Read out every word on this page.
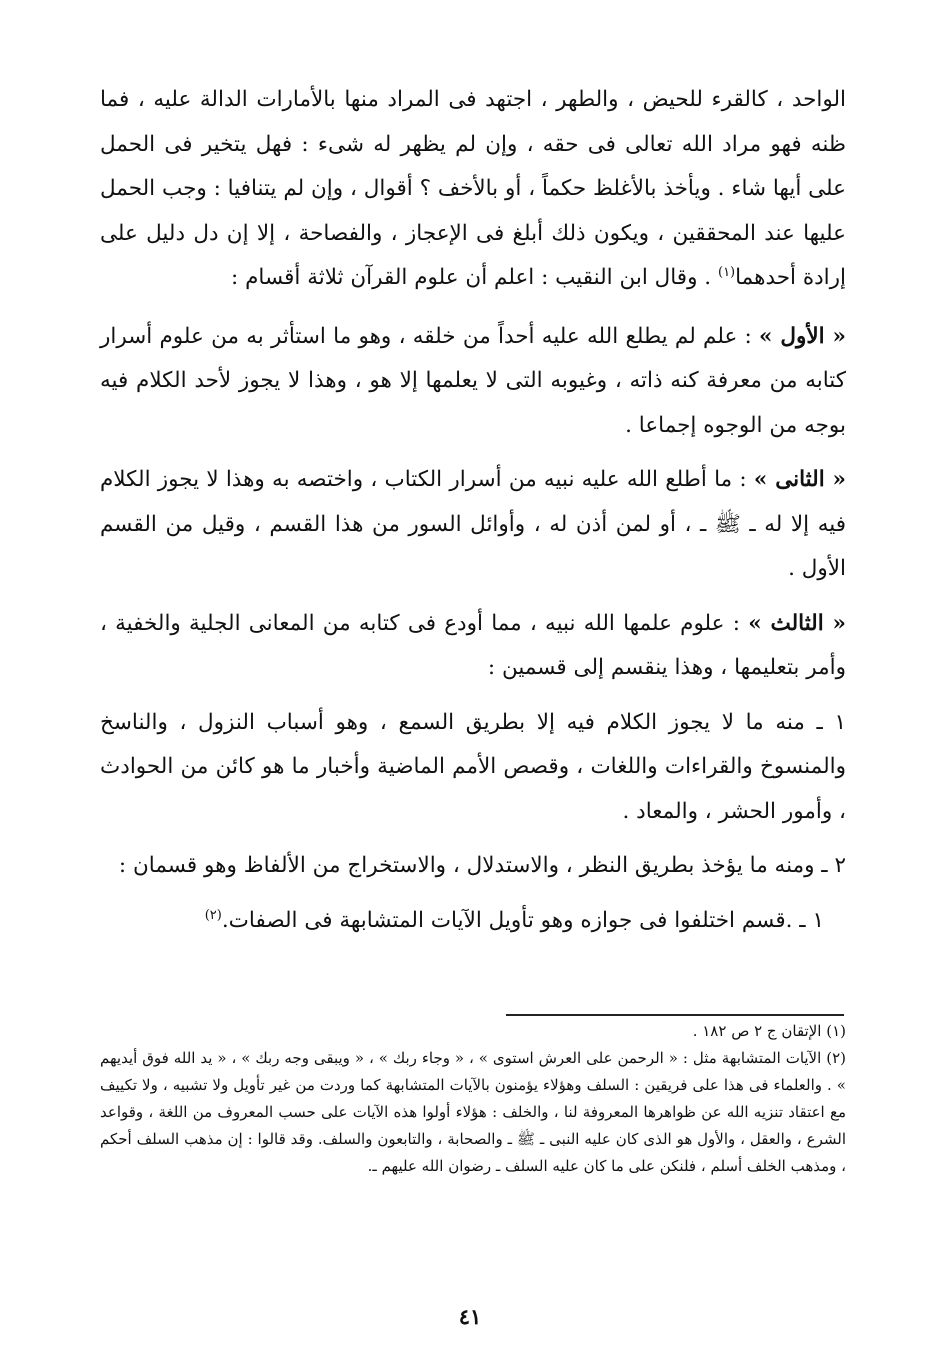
الواحد ، كالقرء للحيض ، والطهر ، اجتهد فى المراد منها بالأمارات الدالة عليه ، فما ظنه فهو مراد الله تعالى فى حقه ، وإن لم يظهر له شىء : فهل يتخير فى الحمل على أيها شاء . ويأخذ بالأغلظ حكماً ، أو بالأخف ؟ أقوال ، وإن لم يتنافيا : وجب الحمل عليها عند المحققين ، ويكون ذلك أبلغ فى الإعجاز ، والفصاحة ، إلا إن دل دليل على إرادة أحدهما$^{(١)}$ . وقال ابن النقيب : اعلم أن علوم القرآن ثلاثة أقسام :

« الأول » : علم لم يطلع الله عليه أحداً من خلقه ، وهو ما استأثر به من علوم أسرار كتابه من معرفة كنه ذاته ، وغيوبه التى لا يعلمها إلا هو ، وهذا لا يجوز لأحد الكلام فيه بوجه من الوجوه إجماعا .

« الثانى » : ما أطلع الله عليه نبيه من أسرار الكتاب ، واختصه به وهذا لا يجوز الكلام فيه إلا له ـ ﷺ ـ ، أو لمن أذن له ، وأوائل السور من هذا القسم ، وقيل من القسم الأول .

« الثالث » : علوم علمها الله نبيه ، مما أودع فى كتابه من المعانى الجلية والخفية ، وأمر بتعليمها ، وهذا ينقسم إلى قسمين :

١ ـ منه ما لا يجوز الكلام فيه إلا بطريق السمع ، وهو أسباب النزول ، والناسخ والمنسوخ والقراءات واللغات ، وقصص الأمم الماضية وأخبار ما هو كائن من الحوادث ، وأمور الحشر ، والمعاد .

٢ ـ ومنه ما يؤخذ بطريق النظر ، والاستدلال ، والاستخراج من الألفاظ وهو قسمان :

١ ـ .قسم اختلفوا فى جوازه وهو تأويل الآيات المتشابهة فى الصفات.$^{(٢)}$

(١) الإتقان ج ٢ ص ١٨٢ .

(٢) الآيات المتشابهة مثل : « الرحمن على العرش استوى » ، « وجاء ربك » ، « ويبقى وجه ربك » ، « يد الله فوق أيديهم » . والعلماء فى هذا على فريقين : السلف وهؤلاء يؤمنون بالآيات المتشابهة كما وردت من غير تأويل ولا تشبيه ، ولا تكييف مع اعتقاد تنزيه الله عن ظواهرها المعروفة لنا ، والخلف : هؤلاء أولوا هذه الآيات على حسب المعروف من اللغة ، وقواعد الشرع ، والعقل ، والأول هو الذى كان عليه النبى ـ ﷺ ـ والصحابة ، والتابعون والسلف. وقد قالوا : إن مذهب السلف أحكم ، ومذهب الخلف أسلم ، فلنكن على ما كان عليه السلف ـ رضوان الله عليهم ـ.

٤١
